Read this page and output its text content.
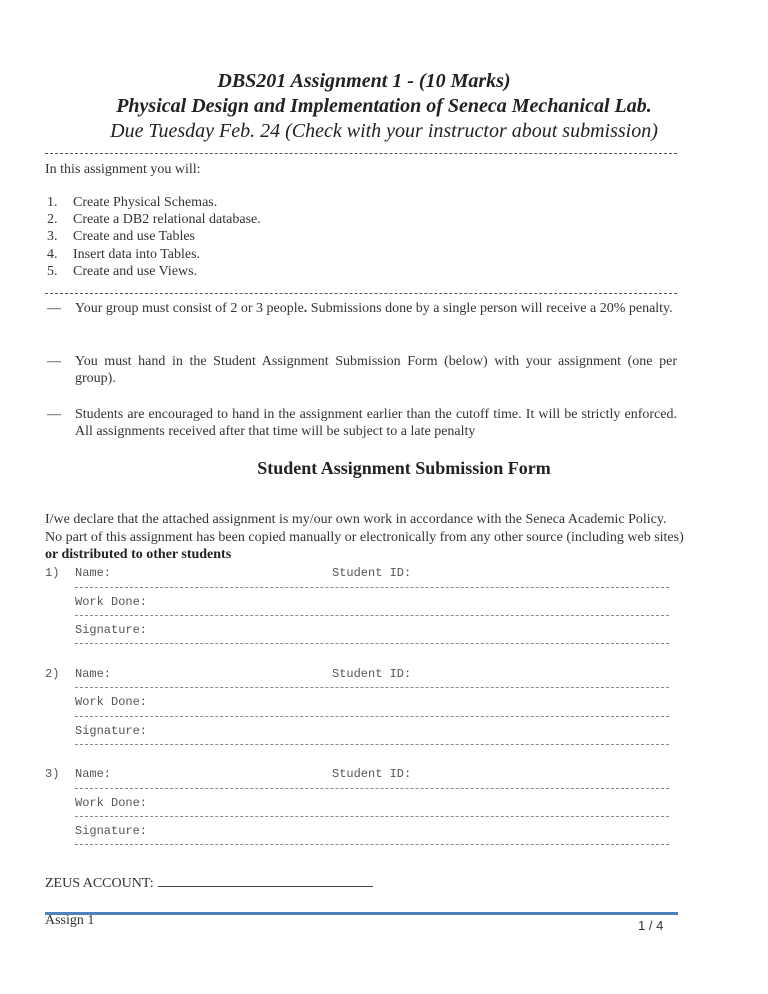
DBS201 Assignment 1 - (10 Marks)
Physical Design and Implementation of Seneca Mechanical Lab.
Due Tuesday Feb. 24 (Check with your instructor about submission)
In this assignment you will:
1.	Create Physical Schemas.
2.	Create a DB2 relational database.
3.	Create and use Tables
4.	Insert data into Tables.
5.	Create and use Views.
—	Your group must consist of 2 or 3 people. Submissions done by a single person will receive a 20% penalty.
—	You must hand in the Student Assignment Submission Form (below) with your assignment (one per group).
—	Students are encouraged to hand in the assignment earlier than the cutoff time. It will be strictly enforced. All assignments received after that time will be subject to a late penalty
Student Assignment Submission Form
I/we declare that the attached assignment is my/our own work in accordance with the Seneca Academic Policy. No part of this assignment has been copied manually or electronically from any other source (including web sites) or distributed to other students
1) Name:	Student ID:
Work Done:
Signature:
2) Name:	Student ID:
Work Done:
Signature:
3) Name:	Student ID:
Work Done:
Signature:
ZEUS ACCOUNT:
Assign 1	1 / 4
